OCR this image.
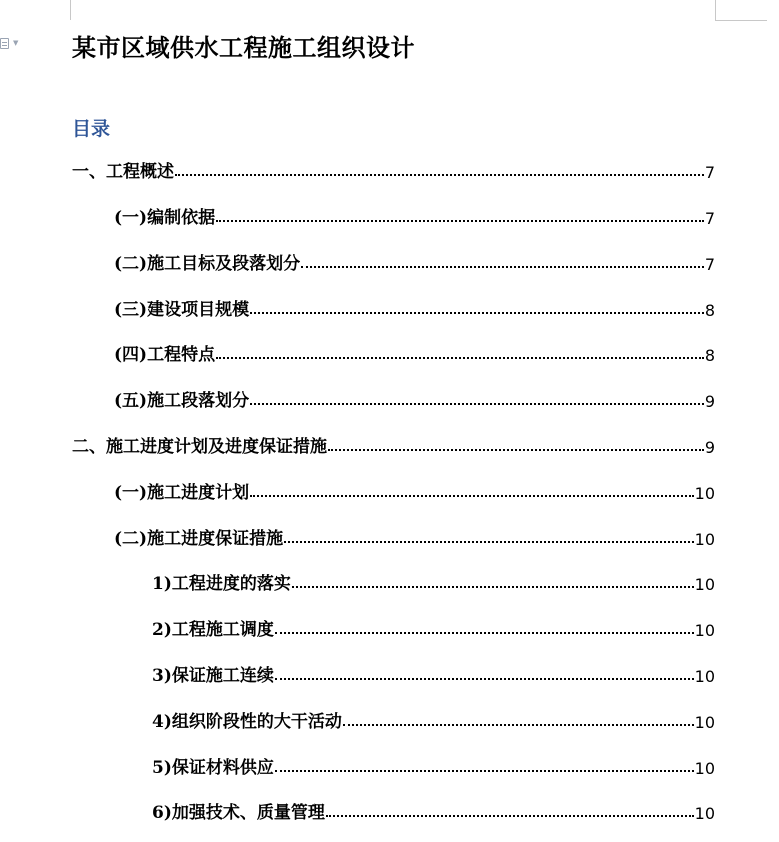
▼ 某市区域供水工程施工组织设计
目录
一、工程概述	7
(一)编制依据	7
(二)施工目标及段落划分	7
(三)建设项目规模	8
(四)工程特点	8
(五)施工段落划分	9
二、施工进度计划及进度保证措施	9
(一)施工进度计划	10
(二)施工进度保证措施	10
1)工程进度的落实	10
2)工程施工调度	10
3)保证施工连续	10
4)组织阶段性的大干活动	10
5)保证材料供应	10
6)加强技术、质量管理	10
